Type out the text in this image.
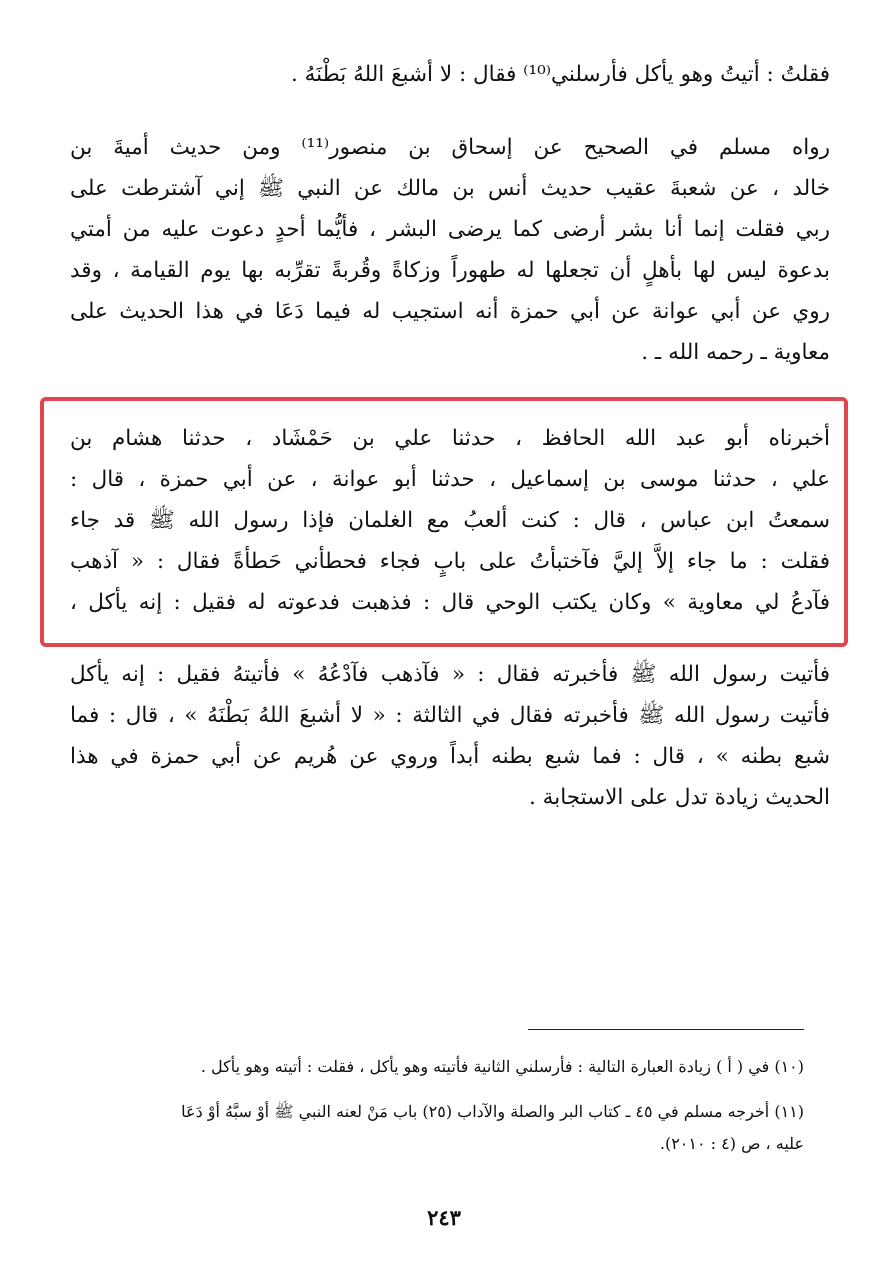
فقلتُ : أتيتُ وهو يأكل فأرسلني⁽¹⁰⁾ فقال : لا أشبعَ اللهُ بَطْنَهُ .

رواه مسلم في الصحيح عن إسحاق بن منصور⁽¹¹⁾ ومن حديث أميةَ بن
خالد ، عن شعبةَ عقيب حديث أنس بن مالك عن النبي ﷺ إني آشترطت على
ربي فقلت إنما أنا بشر أرضى كما يرضى البشر ، فأيُّما أحدٍ دعوت عليه من أمتي
بدعوة ليس لها بأهلٍ أن تجعلها له طهوراً وزكاةً وقُربةً تقرِّبه بها يوم القيامة ، وقد
روي عن أبي عوانة عن أبي حمزة أنه استجيب له فيما دَعَا في هذا الحديث على
معاوية ـ رحمه الله ـ .

أخبرناه أبو عبد الله الحافظ ، حدثنا علي بن حَمْشَاد ، حدثنا هشام بن
علي ، حدثنا موسى بن إسماعيل ، حدثنا أبو عوانة ، عن أبي حمزة ، قال :
سمعتُ ابن عباس ، قال : كنت ألعبُ مع الغلمان فإذا رسول الله ﷺ قد جاء
فقلت : ما جاء إلاَّ إليَّ فآختبأتُ على بابٍ فجاء فحطأني حَطأةً فقال : « آذهب
فآدعُ لي معاوية » وكان يكتب الوحي قال : فذهبت فدعوته له فقيل : إنه يأكل ،

فأتيت رسول الله ﷺ فأخبرته فقال : « فآذهب فآدْعُهُ » فأتيتهُ فقيل : إنه يأكل
فأتيت رسول الله ﷺ فأخبرته فقال في الثالثة : « لا أشبعَ اللهُ بَطْنَهُ » ، قال : فما
شبع بطنه » ، قال : فما شبع بطنه أبداً وروي عن هُريم عن أبي حمزة في هذا
الحديث زيادة تدل على الاستجابة .

(١٠) في ( أ ) زيادة العبارة التالية : فأرسلني الثانية فأتيته وهو يأكل ، فقلت : أتيته وهو يأكل .

(١١) أخرجه مسلم في ٤٥ ـ كتاب البر والصلة والآداب (٢٥) باب مَنْ لعنه النبي ﷺ أوْ سبَّهُ أوْ دَعَا
عليه ، ص (٤ : ٢٠١٠).

٢٤٣
